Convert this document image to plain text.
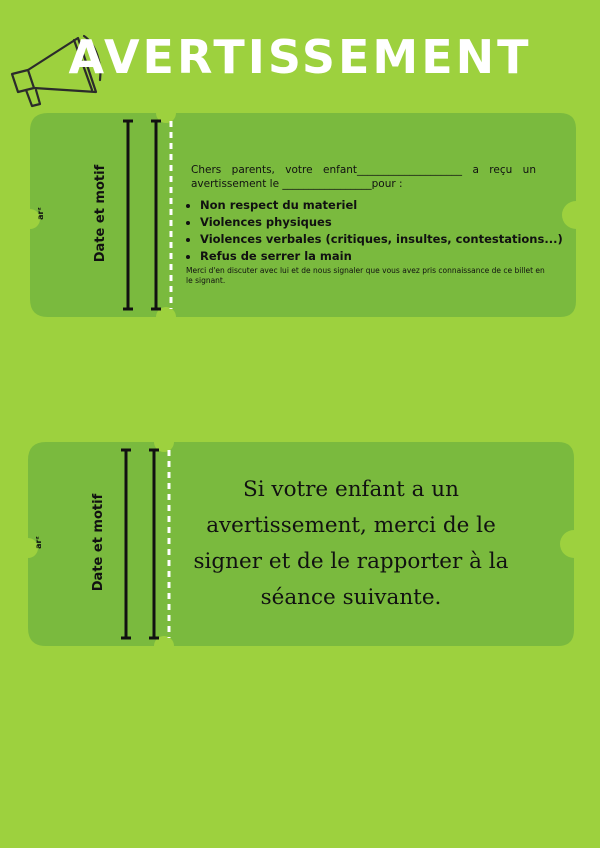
AVERTISSEMENT
Date et motif
arᶻ

Chers parents, votre enfant____________________ a reçu un avertissement le _________________pour :

• Non respect du materiel
• Violences physiques
• Violences verbales (critiques, insultes, contestations...)
• Refus de serrer la main

Merci d'en discuter avec lui et de nous signaler que vous avez pris connaissance de ce billet en le signant.

Date et motif
arᶻ

Si votre enfant a un avertissement, merci de le signer et de le rapporter à la séance suivante.
